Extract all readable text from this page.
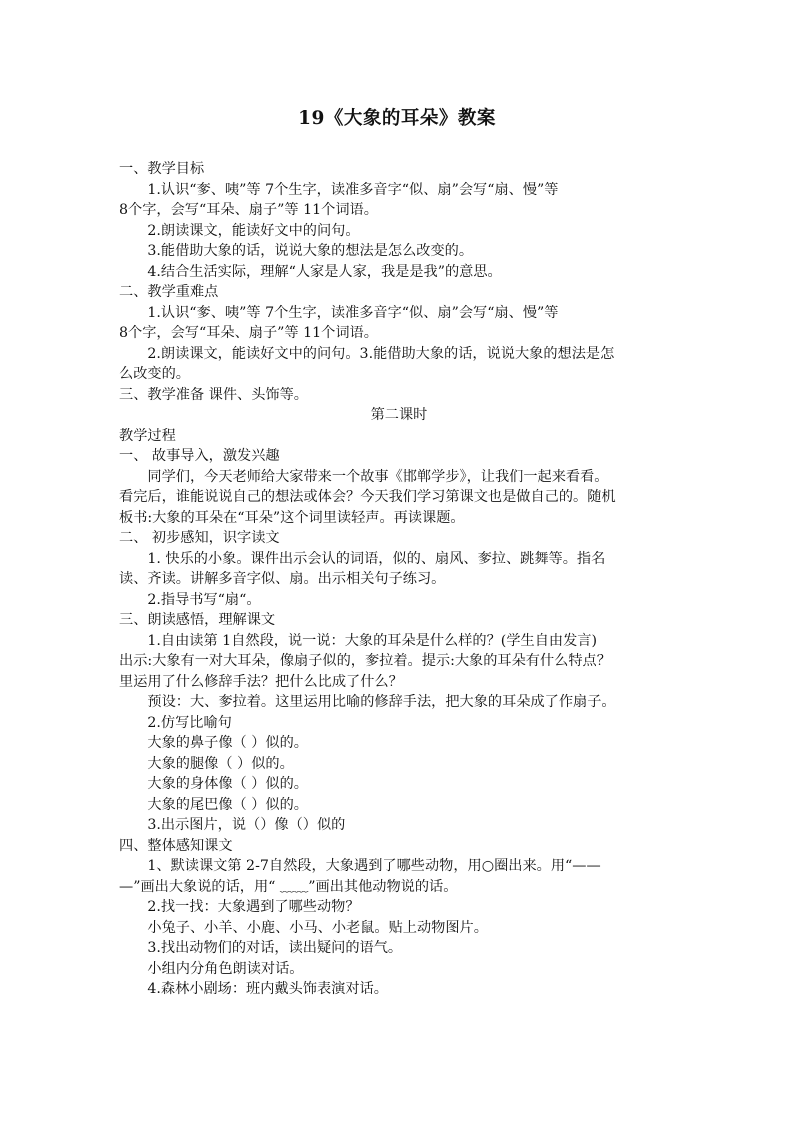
19《大象的耳朵》教案
一、教学目标
1.认识“奓、咦”等 7个生字，读准多音字“似、扇”会写“扇、慢”等
8个字，会写“耳朵、扇子”等 11个词语。
2.朗读课文，能读好文中的问句。
3.能借助大象的话，说说大象的想法是怎么改变的。
4.结合生活实际，理解“人家是人家，我是是我”的意思。
二、教学重难点
1.认识“奓、咦”等 7个生字，读准多音字“似、扇”会写“扇、慢”等
8个字，会写“耳朵、扇子”等 11个词语。
2.朗读课文，能读好文中的问句。3.能借助大象的话，说说大象的想法是怎
么改变的。
三、教学准备 课件、头饰等。
第二课时
教学过程
一、 故事导入，激发兴趣
同学们，今天老师给大家带来一个故事《邯郸学步》，让我们一起来看看。
看完后，谁能说说自己的想法或体会？今天我们学习第课文也是做自己的。随机
板书:大象的耳朵在“耳朵”这个词里读轻声。再读课题。
二、 初步感知，识字读文
1. 快乐的小象。课件出示会认的词语，似的、扇风、奓拉、跳舞等。指名
读、齐读。讲解多音字似、扇。出示相关句子练习。
2.指导书写“扇“。
三、朗读感悟，理解课文
1.自由读第 1自然段，说一说：大象的耳朵是什么样的？(学生自由发言)
出示:大象有一对大耳朵，像扇子似的，奓拉着。提示:大象的耳朵有什么特点？
里运用了什么修辞手法？把什么比成了什么？
预设：大、奓拉着。这里运用比喻的修辞手法，把大象的耳朵成了作扇子。
2.仿写比喻句
大象的鼻子像（ ）似的。
大象的腿像（ ）似的。
大象的身体像（ ）似的。
大象的尾巴像（ ）似的。
3.出示图片，说（）像（）似的
四、整体感知课文
1、默读课文第 2-7自然段，大象遇到了哪些动物，用○圈出来。用“——
—”画出大象说的话，用“ ﹏﹏”画出其他动物说的话。
2.找一找：大象遇到了哪些动物？
小兔子、小羊、小鹿、小马、小老鼠。贴上动物图片。
3.找出动物们的对话，读出疑问的语气。
小组内分角色朗读对话。
4.森林小剧场：班内戴头饰表演对话。
